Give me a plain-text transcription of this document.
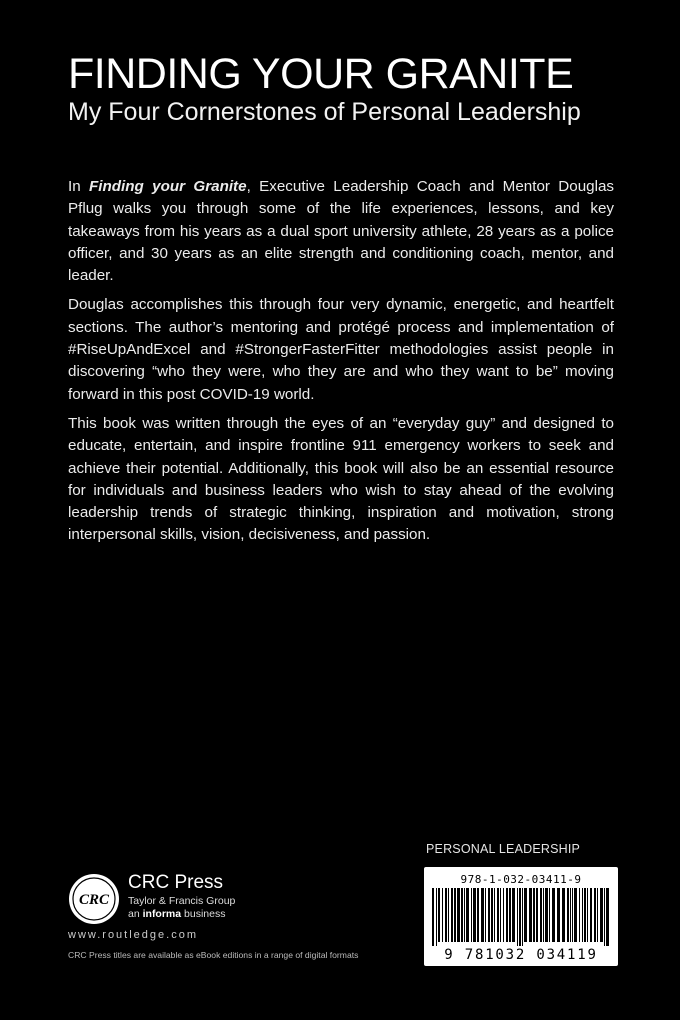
FINDING YOUR GRANITE
My Four Cornerstones of Personal Leadership

In Finding your Granite, Executive Leadership Coach and Mentor Douglas Pflug walks you through some of the life experiences, lessons, and key takeaways from his years as a dual sport university athlete, 28 years as a police officer, and 30 years as an elite strength and conditioning coach, mentor, and leader.

Douglas accomplishes this through four very dynamic, energetic, and heartfelt sections. The author’s mentoring and protégé process and implementation of #RiseUpAndExcel and #StrongerFasterFitter methodologies assist people in discovering “who they were, who they are and who they want to be” moving forward in this post COVID-19 world.

This book was written through the eyes of an “everyday guy” and designed to educate, entertain, and inspire frontline 911 emergency workers to seek and achieve their potential. Additionally, this book will also be an essential resource for individuals and business leaders who wish to stay ahead of the evolving leadership trends of strategic thinking, inspiration and motivation, strong interpersonal skills, vision, decisiveness, and passion.

PERSONAL LEADERSHIP
978-1-032-03411-9
9 781032 034119
CRC
CRC Press
Taylor & Francis Group
an informa business
www.routledge.com
CRC Press titles are available as eBook editions in a range of digital formats
